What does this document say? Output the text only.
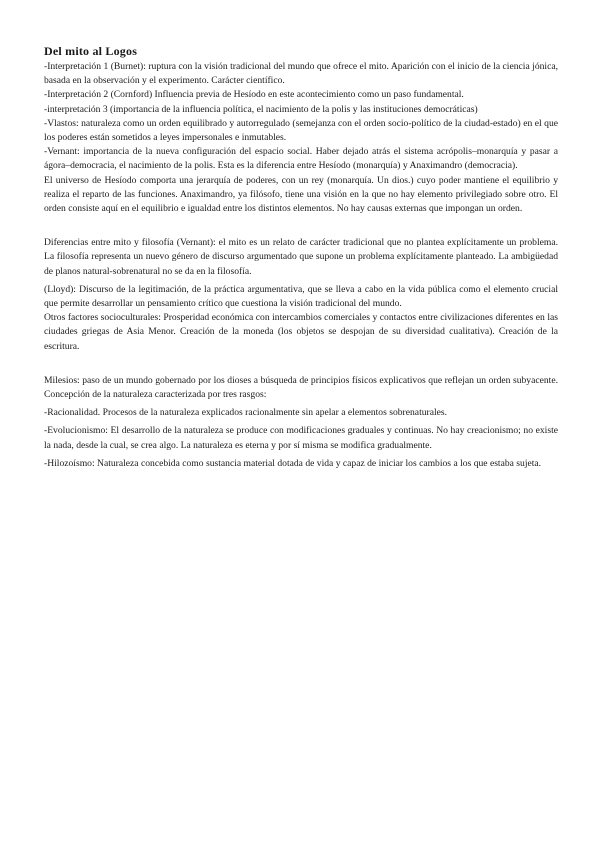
Del mito al Logos

-Interpretación 1 (Burnet): ruptura con la visión tradicional del mundo que ofrece el mito. Aparición con el inicio de la ciencia jónica, basada en la observación y el experimento. Carácter científico.

-Interpretación 2 (Cornford) Influencia previa de Hesíodo en este acontecimiento como un paso fundamental.

-interpretación 3 (importancia de la influencia política, el nacimiento de la polis y las instituciones democráticas)

-Vlastos: naturaleza como un orden equilibrado y autorregulado (semejanza con el orden socio-político de la ciudad-estado) en el que los poderes están sometidos a leyes impersonales e inmutables.

-Vernant: importancia de la nueva configuración del espacio social. Haber dejado atrás el sistema acrópolis–monarquía y pasar a ágora–democracia, el nacimiento de la polis. Esta es la diferencia entre Hesíodo (monarquía) y Anaximandro (democracia).

El universo de Hesíodo comporta una jerarquía de poderes, con un rey (monarquía. Un dios.) cuyo poder mantiene el equilibrio y realiza el reparto de las funciones. Anaximandro, ya filósofo, tiene una visión en la que no hay elemento privilegiado sobre otro. El orden consiste aquí en el equilibrio e igualdad entre los distintos elementos. No hay causas externas que impongan un orden.

Diferencias entre mito y filosofía (Vernant): el mito es un relato de carácter tradicional que no plantea explícitamente un problema. La filosofía representa un nuevo género de discurso argumentado que supone un problema explícitamente planteado. La ambigüedad de planos natural-sobrenatural no se da en la filosofía.

(Lloyd): Discurso de la legitimación, de la práctica argumentativa, que se lleva a cabo en la vida pública como el elemento crucial que permite desarrollar un pensamiento crítico que cuestiona la visión tradicional del mundo.

Otros factores socioculturales: Prosperidad económica con intercambios comerciales y contactos entre civilizaciones diferentes en las ciudades griegas de Asia Menor. Creación de la moneda (los objetos se despojan de su diversidad cualitativa). Creación de la escritura.

Milesios: paso de un mundo gobernado por los dioses a búsqueda de principios físicos explicativos que reflejan un orden subyacente. Concepción de la naturaleza caracterizada por tres rasgos:

-Racionalidad. Procesos de la naturaleza explicados racionalmente sin apelar a elementos sobrenaturales.

-Evolucionismo: El desarrollo de la naturaleza se produce con modificaciones graduales y continuas. No hay creacionismo; no existe la nada, desde la cual, se crea algo. La naturaleza es eterna y por sí misma se modifica gradualmente.

-Hilozoísmo: Naturaleza concebida como sustancia material dotada de vida y capaz de iniciar los cambios a los que estaba sujeta.
